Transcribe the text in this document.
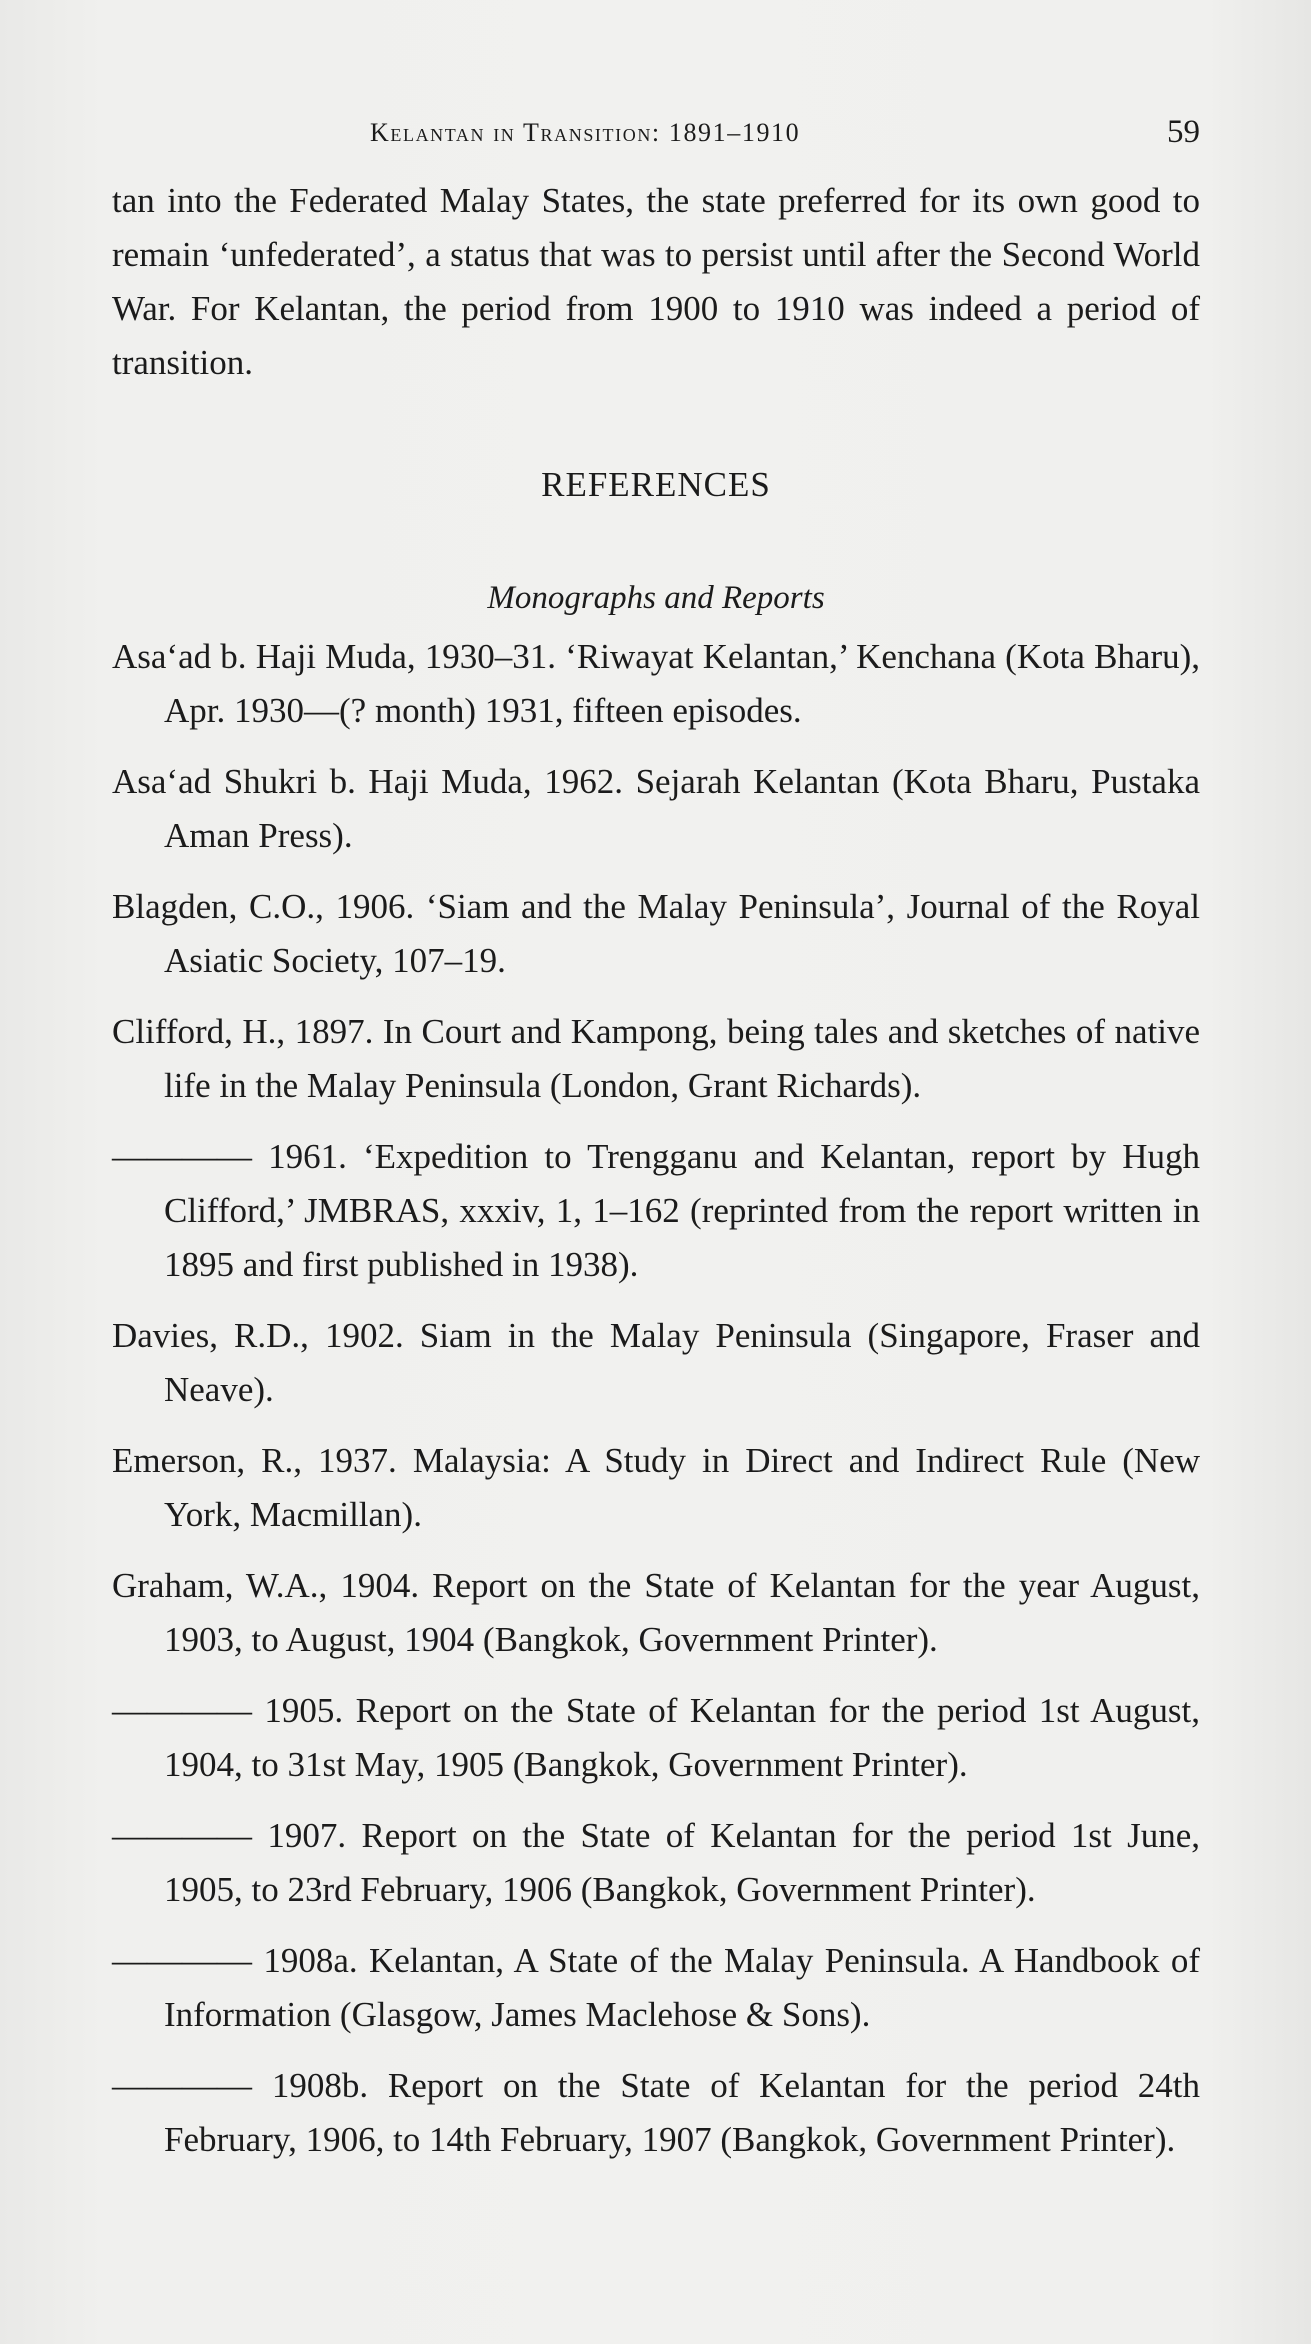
Kelantan in Transition: 1891–1910	59

tan into the Federated Malay States, the state preferred for its own good to remain ‘unfederated’, a status that was to persist until after the Second World War. For Kelantan, the period from 1900 to 1910 was indeed a period of transition.

REFERENCES
Monographs and Reports
Asa‘ad b. Haji Muda, 1930–31. ‘Riwayat Kelantan,’ Kenchana (Kota Bharu), Apr. 1930—(? month) 1931, fifteen episodes.
Asa‘ad Shukri b. Haji Muda, 1962. Sejarah Kelantan (Kota Bharu, Pustaka Aman Press).
Blagden, C.O., 1906. ‘Siam and the Malay Peninsula’, Journal of the Royal Asiatic Society, 107–19.
Clifford, H., 1897. In Court and Kampong, being tales and sketches of native life in the Malay Peninsula (London, Grant Richards).
———— 1961. ‘Expedition to Trengganu and Kelantan, report by Hugh Clifford,’ JMBRAS, xxxiv, 1, 1–162 (reprinted from the report written in 1895 and first published in 1938).
Davies, R.D., 1902. Siam in the Malay Peninsula (Singapore, Fraser and Neave).
Emerson, R., 1937. Malaysia: A Study in Direct and Indirect Rule (New York, Macmillan).
Graham, W.A., 1904. Report on the State of Kelantan for the year August, 1903, to August, 1904 (Bangkok, Government Printer).
———— 1905. Report on the State of Kelantan for the period 1st August, 1904, to 31st May, 1905 (Bangkok, Government Printer).
———— 1907. Report on the State of Kelantan for the period 1st June, 1905, to 23rd February, 1906 (Bangkok, Government Printer).
———— 1908a. Kelantan, A State of the Malay Peninsula. A Handbook of Information (Glasgow, James Maclehose & Sons).
———— 1908b. Report on the State of Kelantan for the period 24th February, 1906, to 14th February, 1907 (Bangkok, Government Printer).
